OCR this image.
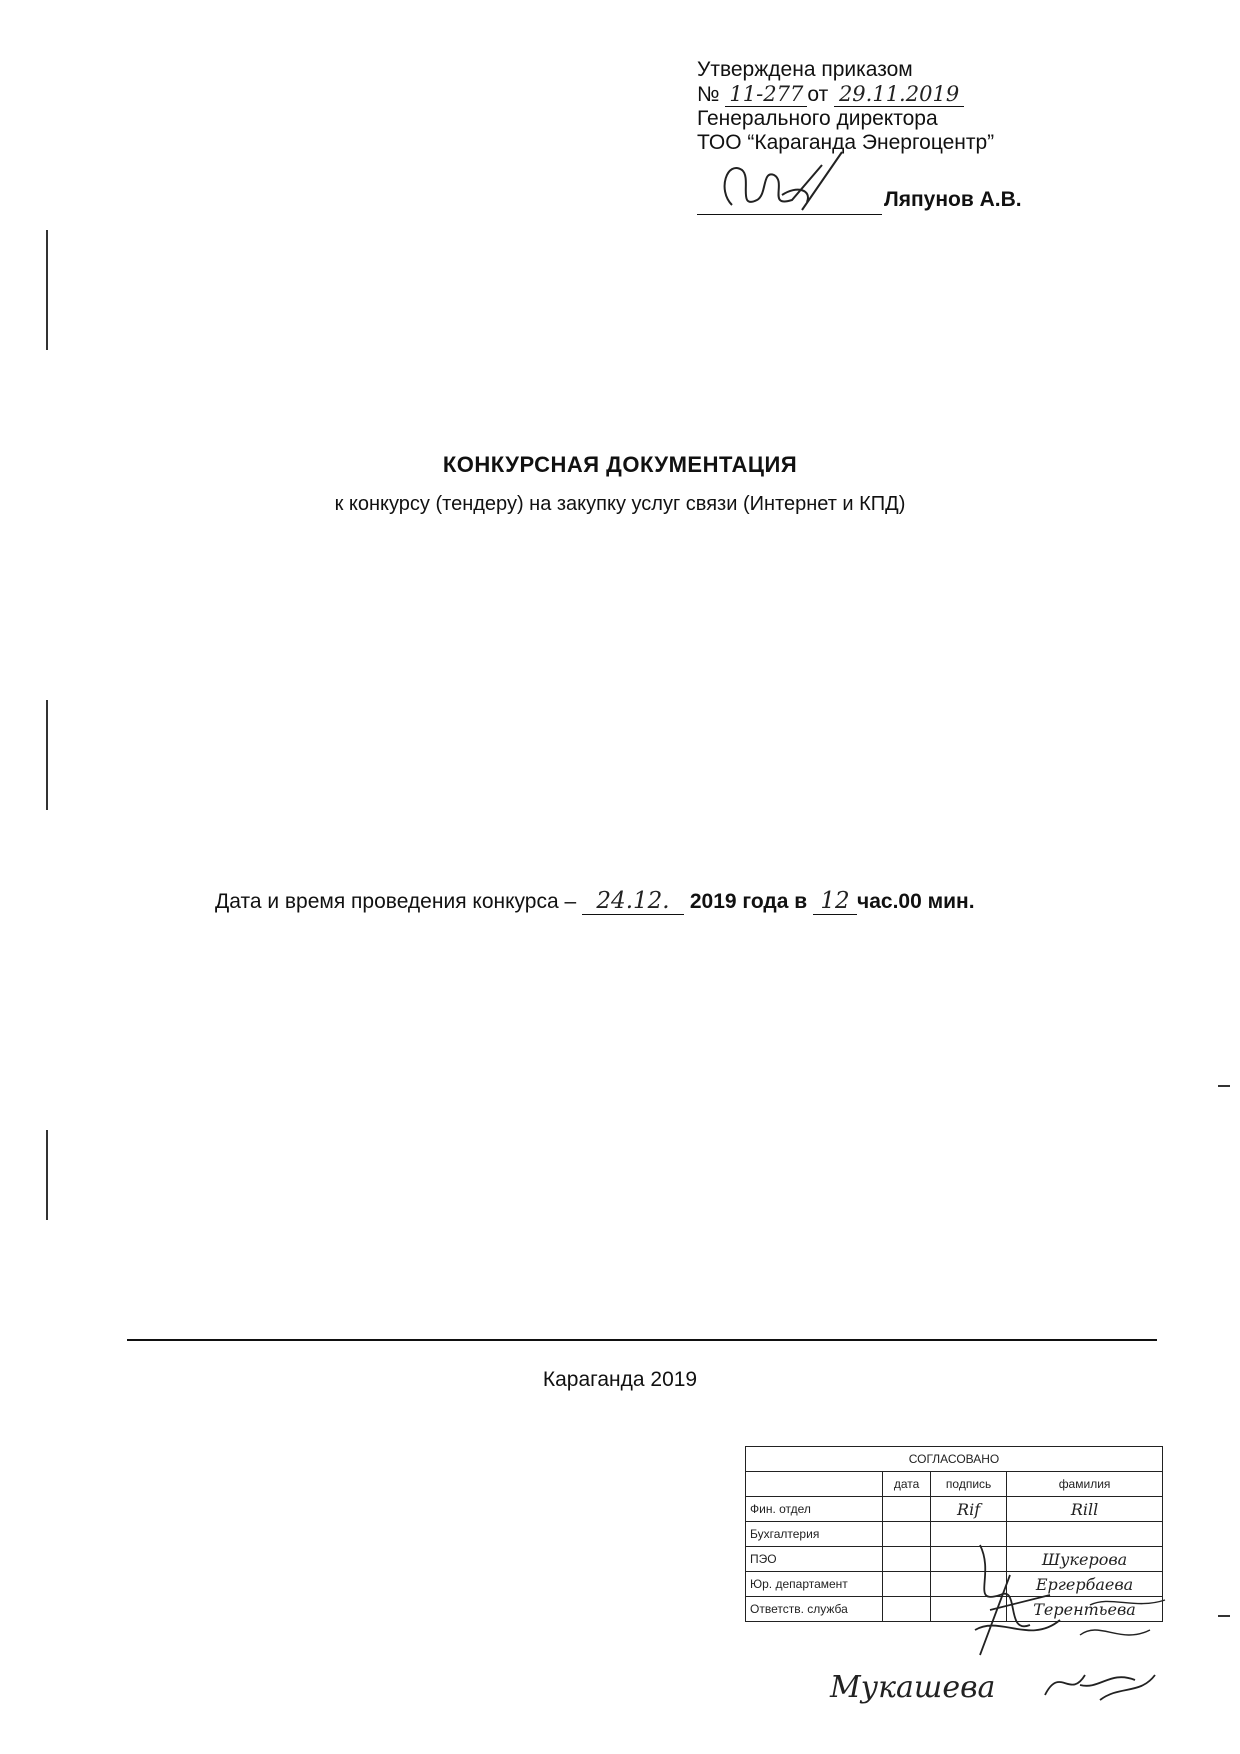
Утверждена приказом
№ 11-277 от 29.11.2019
Генерального директора
ТОО “Караганда Энергоцентр”
Ляпунов А.В.
КОНКУРСНАЯ ДОКУМЕНТАЦИЯ
к конкурсу (тендеру) на закупку услуг связи (Интернет и КПД)
Дата и время проведения конкурса – 24.12. 2019 года в 12 час.00 мин.
Караганда 2019
СОГЛАСОВАНО			
	дата	подпись	фамилия
Фин. отдел		Rif	Rill
Бухгалтерия			
ПЭО			Шукерова
Юр. департамент			Ергербаева
Ответств. служба			Терентьева
Мукашева
